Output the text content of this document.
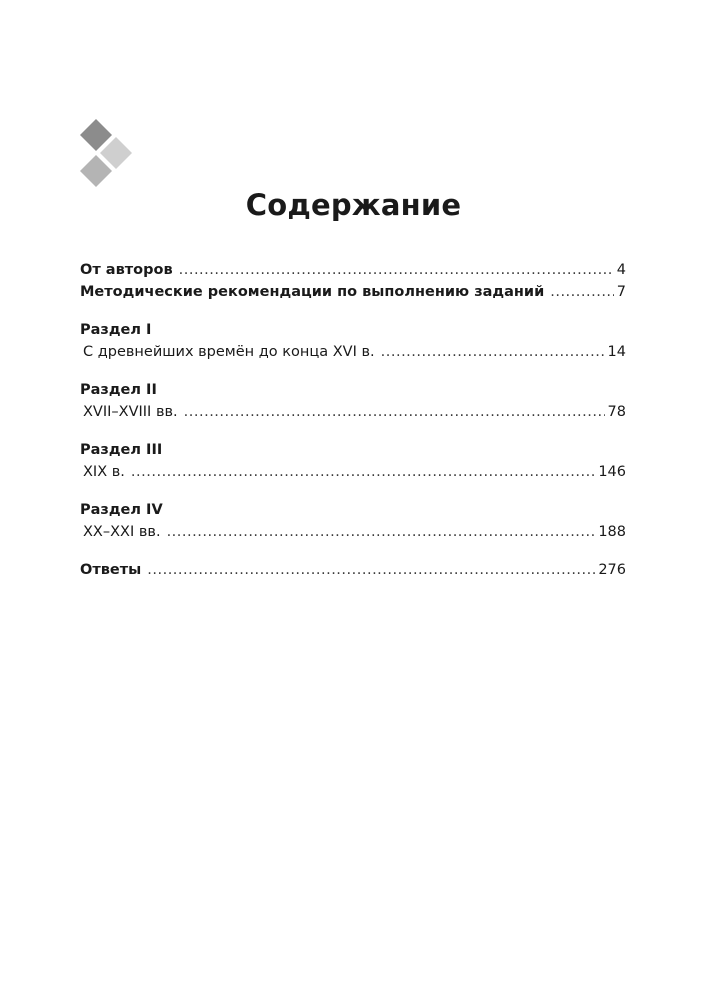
Содержание
От авторов .....	4
Методические рекомендации по выполнению заданий .....	7
Раздел I
С древнейших времён до конца XVI в. .....	14
Раздел II
XVII–XVIII вв. .....	78
Раздел III
XIX в. .....	146
Раздел IV
XX–XXI вв. .....	188
Ответы .....	276
